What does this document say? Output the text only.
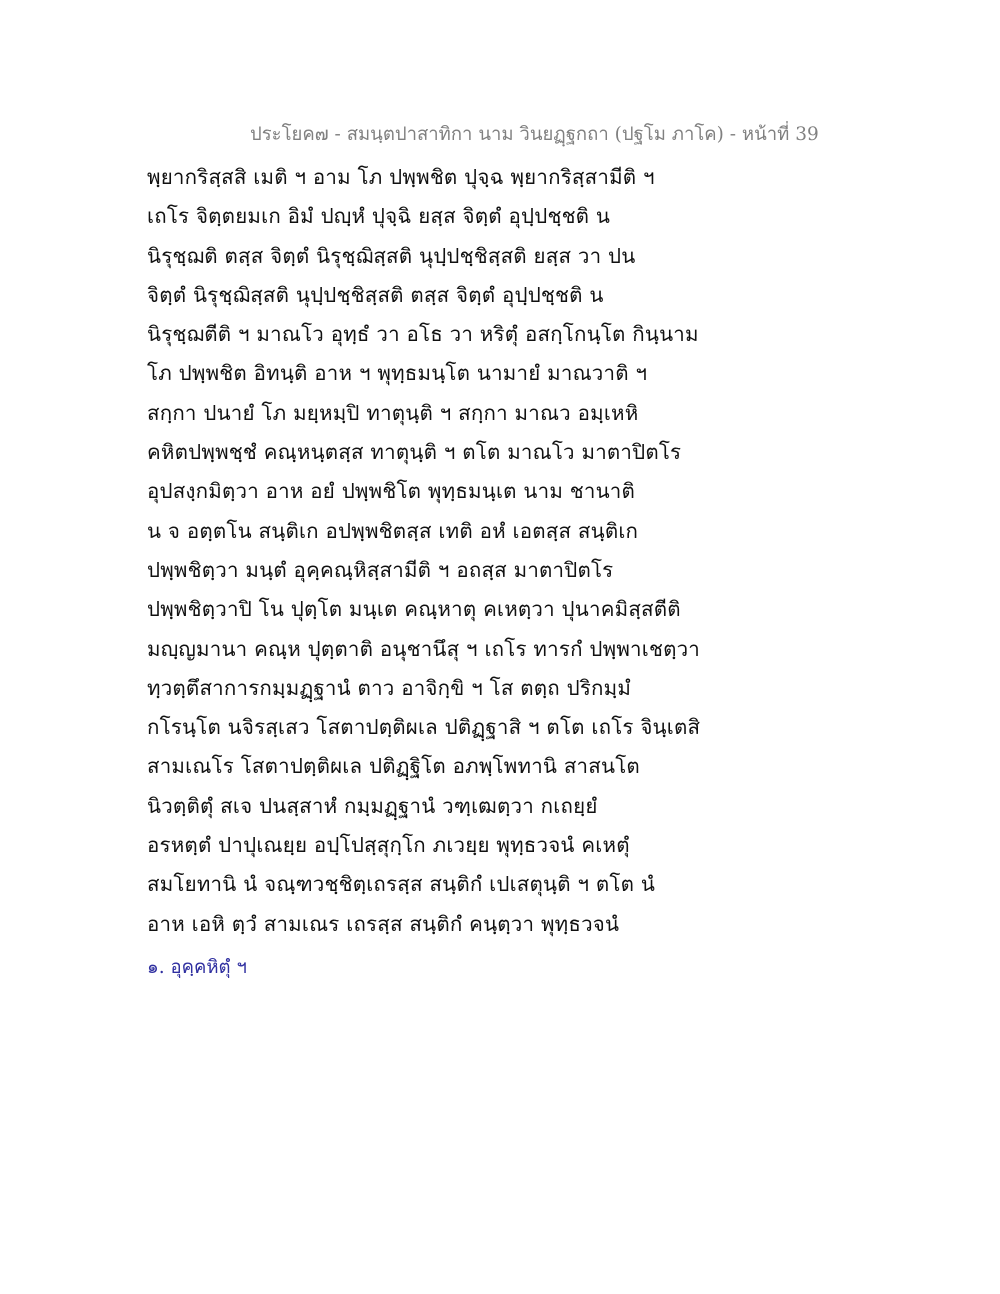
ประโยค๗ - สมนฺตปาสาทิกา นาม วินยฏฺฐกถา (ปฐโม ภาโค) - หน้าที่ 39
พฺยากริสฺสสิ เมติ ฯ อาม โภ ปพฺพชิต ปุจฺฉ พฺยากริสฺสามีติ ฯ
เถโร จิตฺตยมเก อิมํ ปญฺหํ ปุจฺฉิ ยสฺส จิตฺตํ อุปฺปชฺชติ น
นิรุชฺฌติ ตสฺส จิตฺตํ นิรุชฺฌิสฺสติ นุปฺปชฺชิสฺสติ ยสฺส วา ปน
จิตฺตํ นิรุชฺฌิสฺสติ นุปฺปชฺชิสฺสติ ตสฺส จิตฺตํ อุปฺปชฺชติ น
นิรุชฺฌตีติ ฯ มาณโว อุทฺธํ วา อโธ วา หริตุํ อสกฺโกนฺโต กินฺนาม
โภ ปพฺพชิต อิทนฺติ อาห ฯ พุทฺธมนฺโต นามายํ มาณวาติ ฯ
สกฺกา ปนายํ โภ มยฺหมฺปิ ทาตุนฺติ ฯ สกฺกา มาณว อมฺเหหิ
คหิตปพฺพชฺชํ คณฺหนฺตสฺส ทาตุนฺติ ฯ ตโต มาณโว มาตาปิตโร
อุปสงฺกมิตฺวา อาห อยํ ปพฺพชิโต พุทฺธมนฺเต นาม ชานาติ
น จ อตฺตโน สนฺติเก อปพฺพชิตสฺส เทติ อหํ เอตสฺส สนฺติเก
ปพฺพชิตฺวา มนฺตํ อุคฺคณฺหิสฺสามีติ ฯ อถสฺส มาตาปิตโร
ปพฺพชิตฺวาปิ โน ปุตฺโต มนฺเต คณฺหาตุ คเหตฺวา ปุนาคมิสฺสตีติ
มญฺญมานา คณฺห ปุตฺตาติ อนุชานึสุ ฯ เถโร ทารกํ ปพฺพาเชตฺวา
ทฺวตฺตึสาการกมฺมฏฺฐานํ ตาว อาจิกฺขิ ฯ โส ตตฺถ ปริกมฺมํ
กโรนฺโต นจิรสฺเสว โสตาปตฺติผเล ปติฏฺฐาสิ ฯ ตโต เถโร จินฺเตสิ
สามเณโร โสตาปตฺติผเล ปติฏฺฐิโต อภพฺโพทานิ สาสนโต
นิวตฺติตุํ สเจ ปนสฺสาหํ กมฺมฏฺฐานํ วฑฺเฒตฺวา กเถยฺยํ
อรหตฺตํ ปาปุเณยฺย อปฺโปสฺสุกฺโก ภเวยฺย พุทฺธวจนํ คเหตุํ
สมโยทานิ นํ จณฺฑวชฺชิตฺเถรสฺส สนฺติกํ เปเสตุนฺติ ฯ ตโต นํ
อาห เอหิ ตฺวํ สามเณร เถรสฺส สนฺติกํ คนฺตฺวา พุทฺธวจนํ
๑. อุคฺคหิตุํ ฯ
